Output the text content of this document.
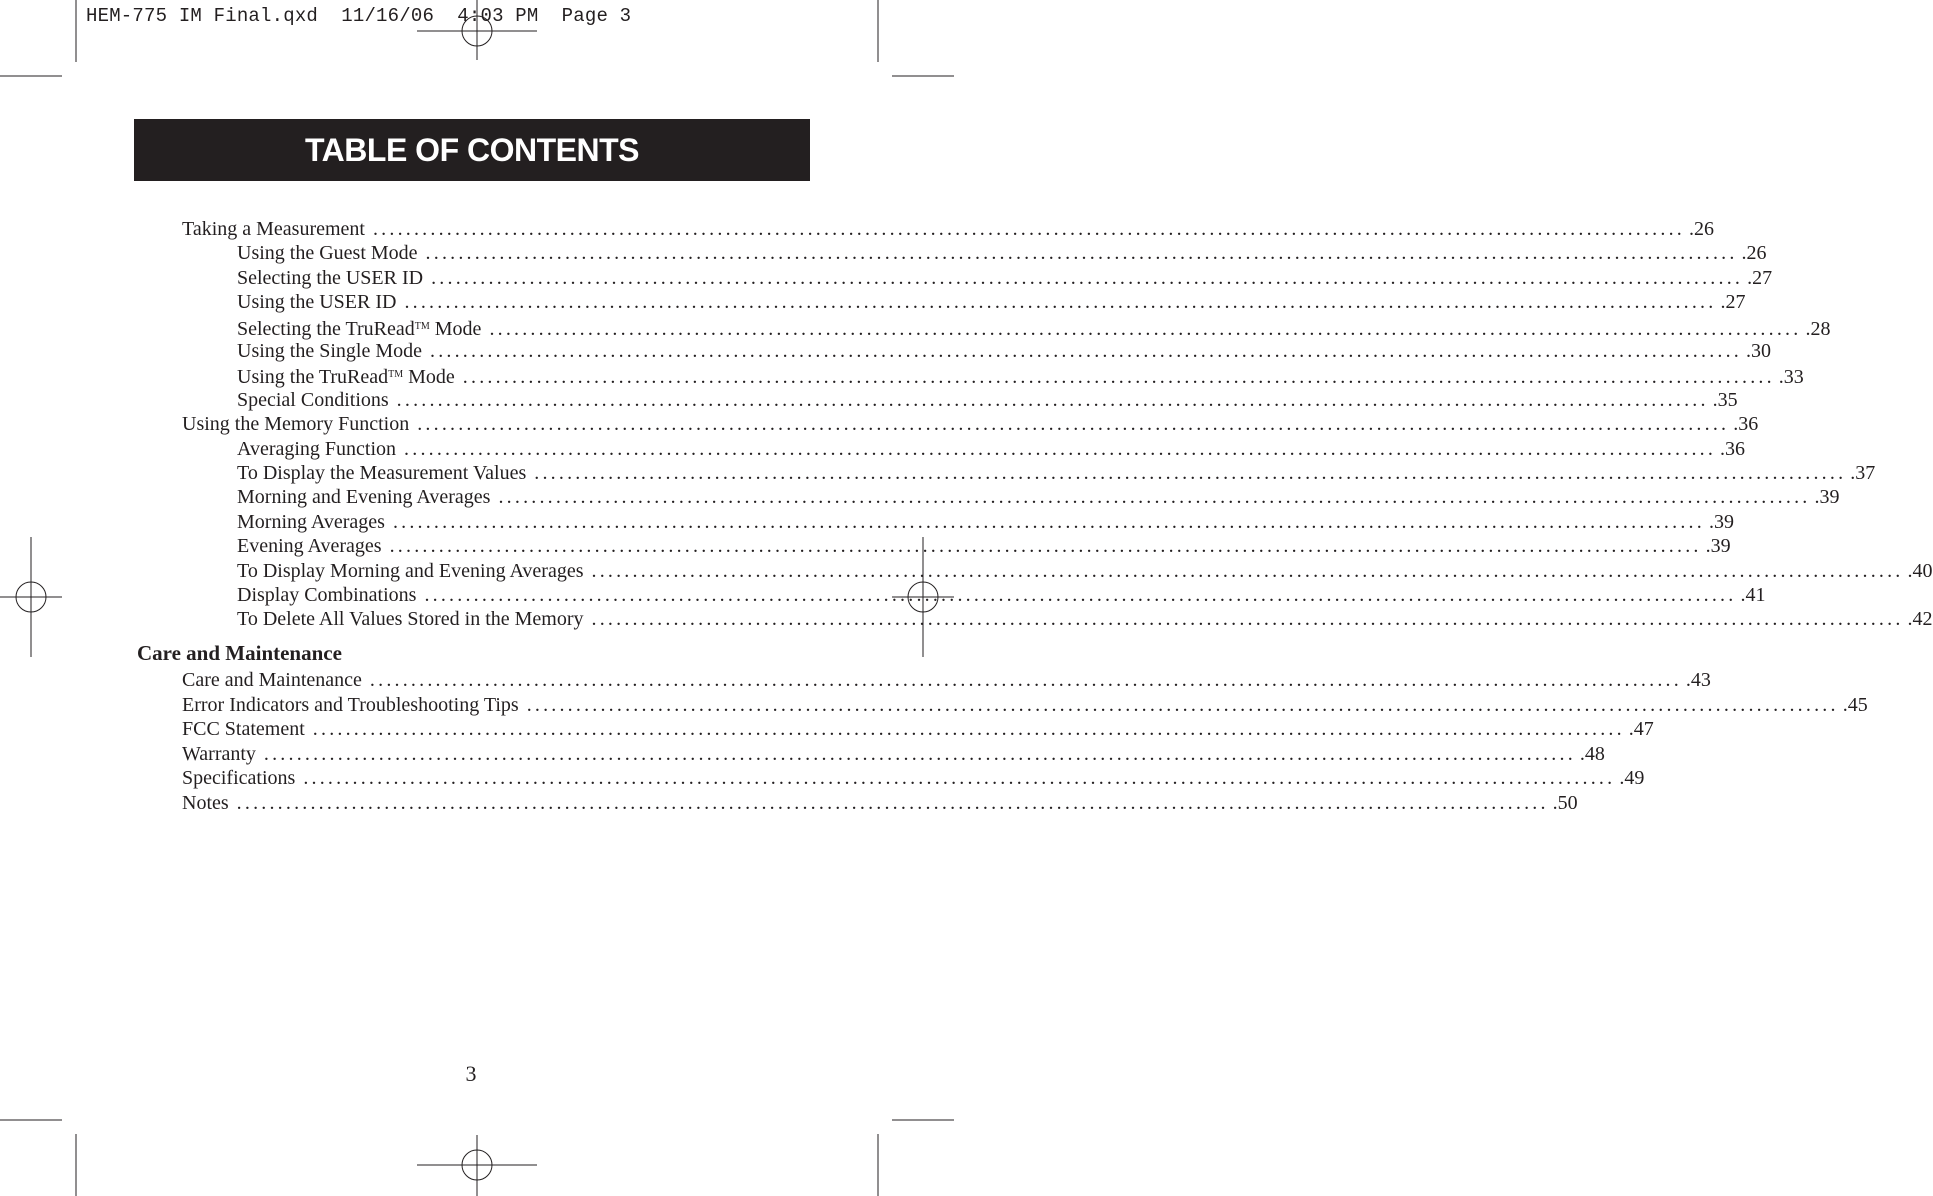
HEM-775 IM Final.qxd  11/16/06  4:03 PM  Page 3
TABLE OF CONTENTS
Taking a Measurement ................................................................................................................................................................ .26
Using the Guest Mode ................................................................................................................................................................ .26
Selecting the USER ID ................................................................................................................................................................ .27
Using the USER ID ................................................................................................................................................................ .27
Selecting the TruRead™ Mode ................................................................................................................................................................ .28
Using the Single Mode ................................................................................................................................................................ .30
Using the TruRead™ Mode ................................................................................................................................................................ .33
Special Conditions ................................................................................................................................................................ .35
Using the Memory Function ................................................................................................................................................................ .36
Averaging Function ................................................................................................................................................................ .36
To Display the Measurement Values ................................................................................................................................................................ .37
Morning and Evening Averages ................................................................................................................................................................ .39
Morning Averages ................................................................................................................................................................ .39
Evening Averages ................................................................................................................................................................ .39
To Display Morning and Evening Averages ................................................................................................................................................................ .40
Display Combinations ................................................................................................................................................................ .41
To Delete All Values Stored in the Memory ................................................................................................................................................................ .42
Care and Maintenance
Care and Maintenance ................................................................................................................................................................ .43
Error Indicators and Troubleshooting Tips ................................................................................................................................................................ .45
FCC Statement ................................................................................................................................................................ .47
Warranty ................................................................................................................................................................ .48
Specifications ................................................................................................................................................................ .49
Notes ................................................................................................................................................................ .50
3
